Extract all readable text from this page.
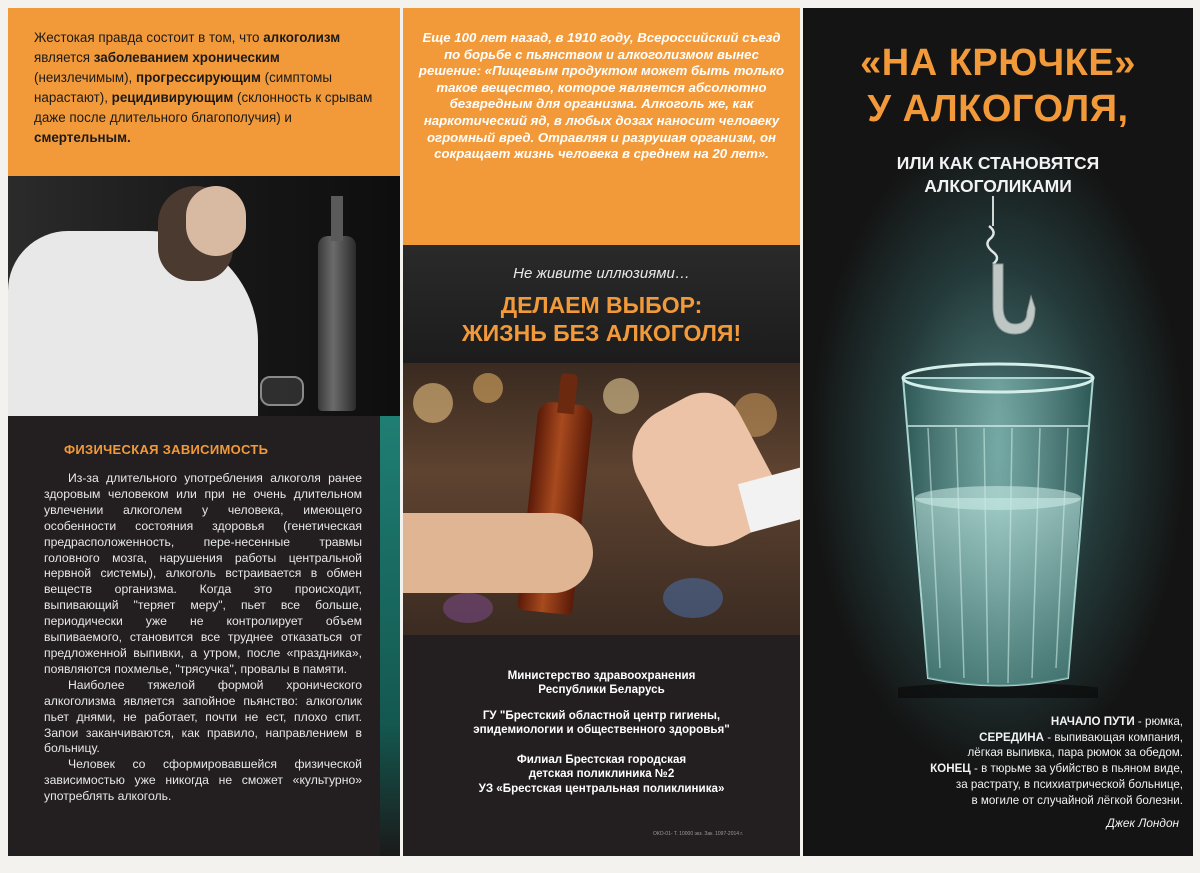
Жестокая правда состоит в том, что алкоголизм является заболеванием хроническим (неизлечимым), прогрессирующим (симптомы нарастают), рецидивирующим (склонность к срывам даже после длительного благополучия) и смертельным.

ФИЗИЧЕСКАЯ ЗАВИСИМОСТЬ

Из-за длительного употребления алкоголя ранее здоровым человеком или при не очень длительном увлечении алкоголем у человека, имеющего особенности состояния здоровья (генетическая предрасположенность, пере-несенные травмы головного мозга, нарушения работы центральной нервной системы), алкоголь встраивается в обмен веществ организма. Когда это происходит, выпивающий "теряет меру", пьет все больше, периодически уже не контролирует объем выпиваемого, становится все труднее отказаться от предложенной выпивки, а утром, после «праздника», появляются похмелье, "трясучка", провалы в памяти.

Наиболее тяжелой формой хронического алкоголизма является запойное пьянство: алкоголик пьет днями, не работает, почти не ест, плохо спит. Запои заканчиваются, как правило, направлением в больницу.

Человек со сформировавшейся физической зависимостью уже никогда не сможет «культурно» употреблять алкоголь.

Еще 100 лет назад, в 1910 году, Всероссийский съезд по борьбе с пьянством и алкоголизмом вынес решение: «Пищевым продуктом может быть только такое вещество, которое является абсолютно безвредным для организма. Алкоголь же, как наркотический яд, в любых дозах наносит человеку огромный вред. Отравляя и разрушая организм, он сокращает жизнь человека в среднем на 20 лет».

Не живите иллюзиями…
ДЕЛАЕМ ВЫБОР:
ЖИЗНЬ БЕЗ АЛКОГОЛЯ!
Министерство здравоохранения
Республики Беларусь
ГУ "Брестский областной центр гигиены,
эпидемиологии и общественного здоровья"
Филиал Брестская городская
детская поликлиника №2
УЗ «Брестская центральная поликлиника»
ОКО-01- Т. 10000 экз. Зак. 1097-2014 г.
«НА КРЮЧКЕ»
У АЛКОГОЛЯ,
ИЛИ КАК СТАНОВЯТСЯ
АЛКОГОЛИКАМИ
НАЧАЛО ПУТИ - рюмка,
СЕРЕДИНА - выпивающая компания,
лёгкая выпивка, пара рюмок за обедом.
КОНЕЦ - в тюрьме за убийство в пьяном виде,
за растрату, в психиатрической больнице,
в могиле от случайной лёгкой болезни.
Джек Лондон
